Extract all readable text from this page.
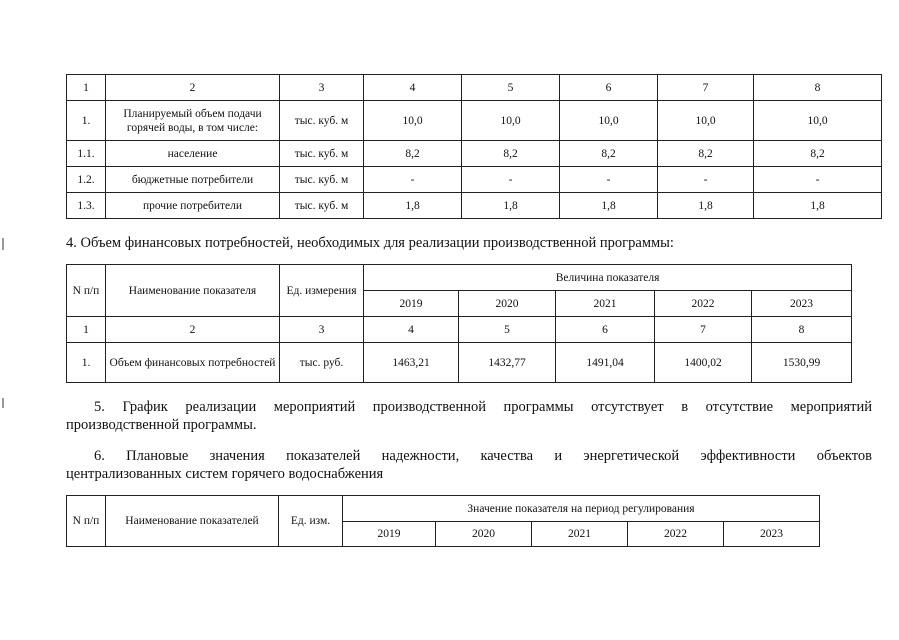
1	2	3	4	5	6	7	8
1.	Планируемый объем подачи горячей воды, в том числе:	тыс. куб. м	10,0	10,0	10,0	10,0	10,0
1.1.	население	тыс. куб. м	8,2	8,2	8,2	8,2	8,2
1.2.	бюджетные потребители	тыс. куб. м	-	-	-	-	-
1.3.	прочие потребители	тыс. куб. м	1,8	1,8	1,8	1,8	1,8

4. Объем финансовых потребностей, необходимых для реализации производственной программы:

N п/п	Наименование показателя	Ед. измерения	Величина показателя				
			2019	2020	2021	2022	2023
1	2	3	4	5	6	7	8
1.	Объем финансовых потребностей	тыс. руб.	1463,21	1432,77	1491,04	1400,02	1530,99

5. График реализации мероприятий производственной программы отсутствует в отсутствие мероприятий

производственной программы.

6. Плановые значения показателей надежности, качества и энергетической эффективности объектов

централизованных систем горячего водоснабжения

N п/п	Наименование показателей	Ед. изм.	Значение показателя на период регулирования				
			2019	2020	2021	2022	2023
